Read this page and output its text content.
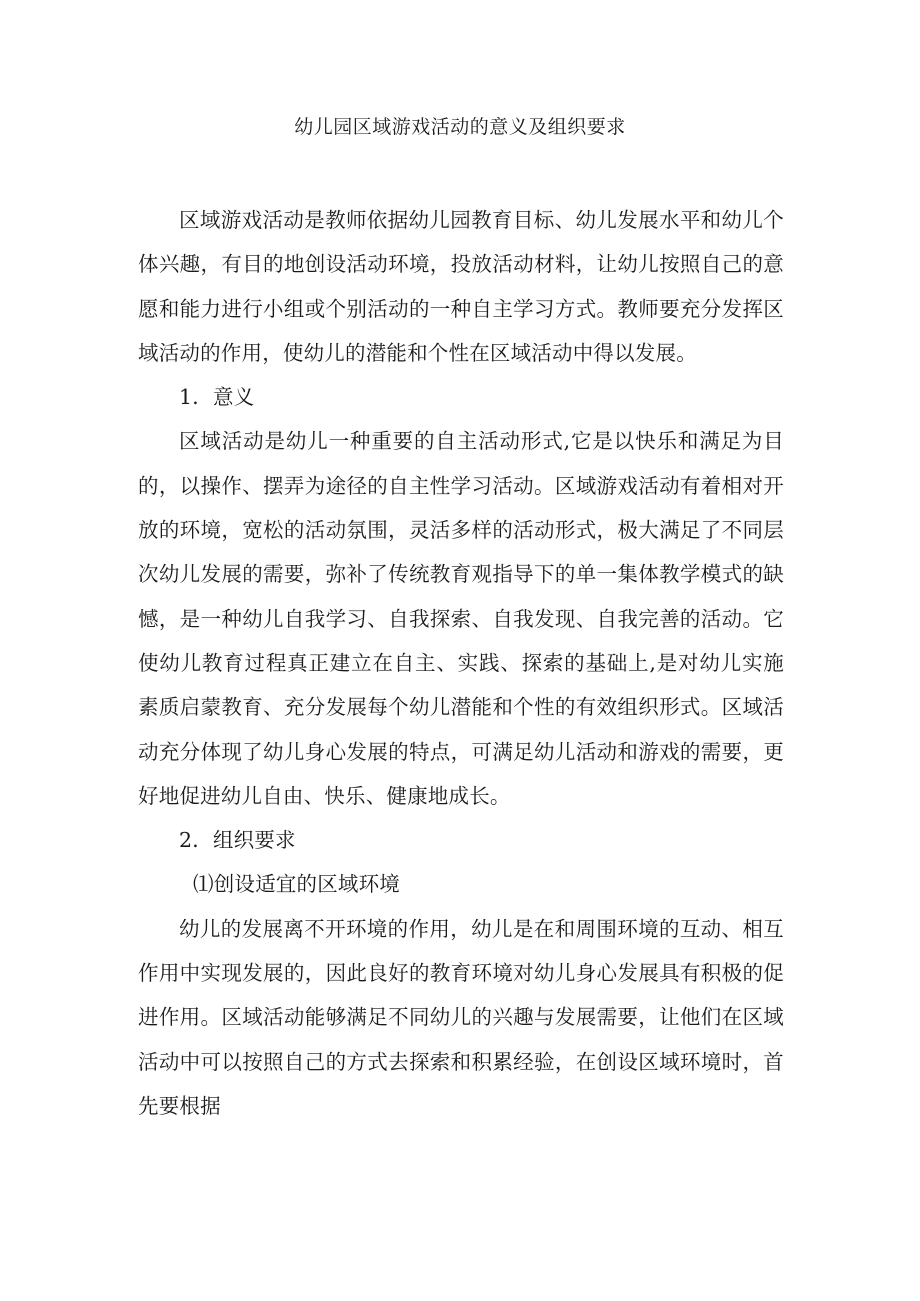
幼儿园区域游戏活动的意义及组织要求

区域游戏活动是教师依据幼儿园教育目标、幼儿发展水平和幼儿个体兴趣，有目的地创设活动环境，投放活动材料，让幼儿按照自己的意愿和能力进行小组或个别活动的一种自主学习方式。教师要充分发挥区域活动的作用，使幼儿的潜能和个性在区域活动中得以发展。

1．意义

区域活动是幼儿一种重要的自主活动形式,它是以快乐和满足为目的，以操作、摆弄为途径的自主性学习活动。区域游戏活动有着相对开放的环境，宽松的活动氛围，灵活多样的活动形式，极大满足了不同层次幼儿发展的需要，弥补了传统教育观指导下的单一集体教学模式的缺憾，是一种幼儿自我学习、自我探索、自我发现、自我完善的活动。它使幼儿教育过程真正建立在自主、实践、探索的基础上,是对幼儿实施素质启蒙教育、充分发展每个幼儿潜能和个性的有效组织形式。区域活动充分体现了幼儿身心发展的特点，可满足幼儿活动和游戏的需要，更好地促进幼儿自由、快乐、健康地成长。

2．组织要求

⑴创设适宜的区域环境

幼儿的发展离不开环境的作用，幼儿是在和周围环境的互动、相互作用中实现发展的，因此良好的教育环境对幼儿身心发展具有积极的促进作用。区域活动能够满足不同幼儿的兴趣与发展需要，让他们在区域活动中可以按照自己的方式去探索和积累经验，在创设区域环境时，首先要根据
